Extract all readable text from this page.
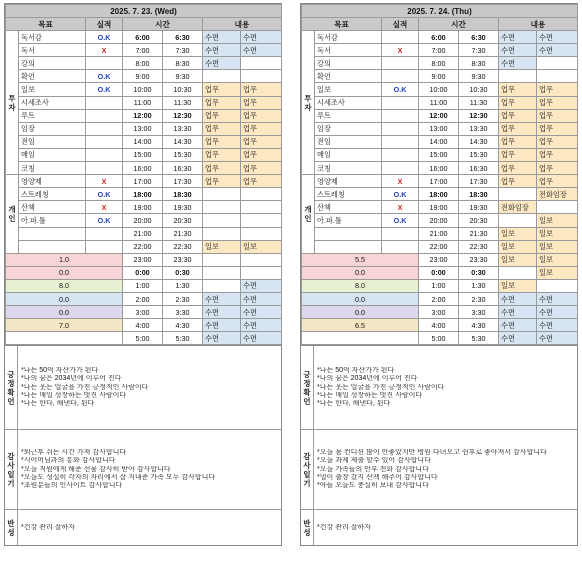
2025. 7. 23. (Wed)						
목표		실적	시간		내용	
투자	독서감	O.K	6:00	6:30	수면	수면
	독서	X	7:00	7:30	수면	수면
	강의		8:00	8:30	수면	
	확언	O.K	9:00	9:30		
	일보	O.K	10:00	10:30	업무	업무
	시세조사		11:00	11:30	업무	업무
	루트		12:00	12:30	업무	업무
	임장		13:00	13:30	업무	업무
	전임		14:00	14:30	업무	업무
	매임		15:00	15:30	업무	업무
	코칭		16:00	16:30	업무	업무
개인	영양제	X	17:00	17:30	업무	업무
	스트레칭	O.K	18:00	18:30		
	산책	X	19:00	19:30		
	아.파.툴	O.K	20:00	20:30		
			21:00	21:30		
			22:00	22:30	일보	일보
1.0			23:00	23:30		
0.0			0:00	0:30		
8.0			1:00	1:30		수면
0.0			2:00	2:30	수면	수면
0.0			3:00	3:30	수면	수면
7.0			4:00	4:30	수면	수면
			5:00	5:30	수면	수면
긍정확언
*나는 50억 자산가가 된다
*나의 꿈은 2034년에 이루어 진다
*나는 웃는 얼굴을 가진 긍정적인 사람이다
*나는 매일 성장하는 멋진 사람이다
*나는 한다, 해낸다, 된다
감사일기
*퇴근후 쉬는 시간 가져 감사합니다
*시어머님과의 통화 감사합니다
*오늘 직원에게 해준 선물 감사히 받아 감사합니다
*오늘도 성실히 각자의 자리에서 잘 지내준 가족 모두 감사합니다
*초원분들의 인사이트 감사합니다
반성
*건강 관리 잘하자
2025. 7. 24. (Thu)						
목표		실적	시간		내용	
투자	독서감		6:00	6:30	수면	수면
	독서	X	7:00	7:30	수면	수면
	강의		8:00	8:30	수면	
	확언		9:00	9:30		
	일보	O.K	10:00	10:30	업무	업무
	시세조사		11:00	11:30	업무	업무
	루트		12:00	12:30	업무	업무
	임장		13:00	13:30	업무	업무
	전임		14:00	14:30	업무	업무
	매임		15:00	15:30	업무	업무
	코칭		16:00	16:30	업무	업무
개인	영양제	X	17:00	17:30	업무	업무
	스트레칭	O.K	18:00	18:30		전화임장
	산책	X	19:00	19:30	전화임장	
	아.파.툴	O.K	20:00	20:30		일보
			21:00	21:30	일보	일보
			22:00	22:30	일보	일보
5.5			23:00	23:30	일보	일보
0.0			0:00	0:30		일보
8.0			1:00	1:30	일보	
0.0			2:00	2:30	수면	수면
0.0			3:00	3:30	수면	수면
6.5			4:00	4:30	수면	수면
			5:00	5:30	수면	수면
긍정확언
*나는 50억 자산가가 된다
*나의 꿈은 2034년에 이루어 진다
*나는 웃는 얼굴을 가진 긍정적인 사람이다
*나는 매일 성장하는 멋진 사람이다
*나는 한다, 해낸다, 된다
감사일기
*오늘 몸 컨디션 많이 안좋았지만 병원 다녀오고 쉰후로 좋아져서 감사합니다
*오늘 과제 제출 할수 있어 감사합니다
*오늘 가족들의 안부 전화 감사합니다
*멀이 출장 갔지 산책 해주어 감사합니다
*아들 오늘도 충실히 보내 감사합니다
반성
*건강 관리 잘하자
